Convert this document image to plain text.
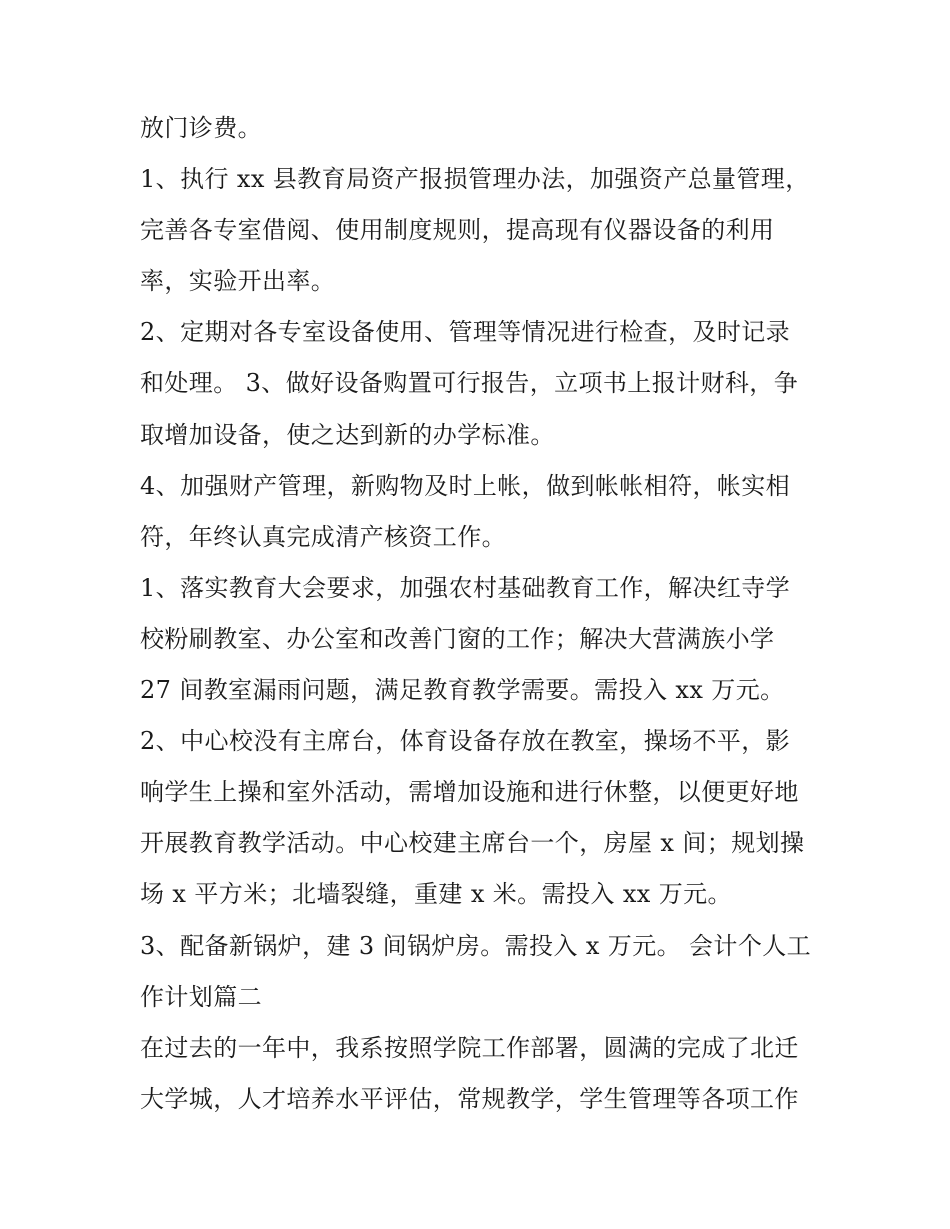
放门诊费。
1、执行 xx 县教育局资产报损管理办法，加强资产总量管理，
完善各专室借阅、使用制度规则，提高现有仪器设备的利用
率，实验开出率。
2、定期对各专室设备使用、管理等情况进行检查，及时记录
和处理。 3、做好设备购置可行报告，立项书上报计财科，争
取增加设备，使之达到新的办学标准。
4、加强财产管理，新购物及时上帐，做到帐帐相符，帐实相
符，年终认真完成清产核资工作。
1、落实教育大会要求，加强农村基础教育工作，解决红寺学
校粉刷教室、办公室和改善门窗的工作；解决大营满族小学
27 间教室漏雨问题，满足教育教学需要。需投入 xx 万元。
2、中心校没有主席台，体育设备存放在教室，操场不平，影
响学生上操和室外活动，需增加设施和进行休整，以便更好地
开展教育教学活动。中心校建主席台一个，房屋 x 间；规划操
场 x 平方米；北墙裂缝，重建 x 米。需投入 xx 万元。
3、配备新锅炉，建 3 间锅炉房。需投入 x 万元。 会计个人工
作计划篇二
在过去的一年中，我系按照学院工作部署，圆满的完成了北迁
大学城，人才培养水平评估，常规教学，学生管理等各项工作
